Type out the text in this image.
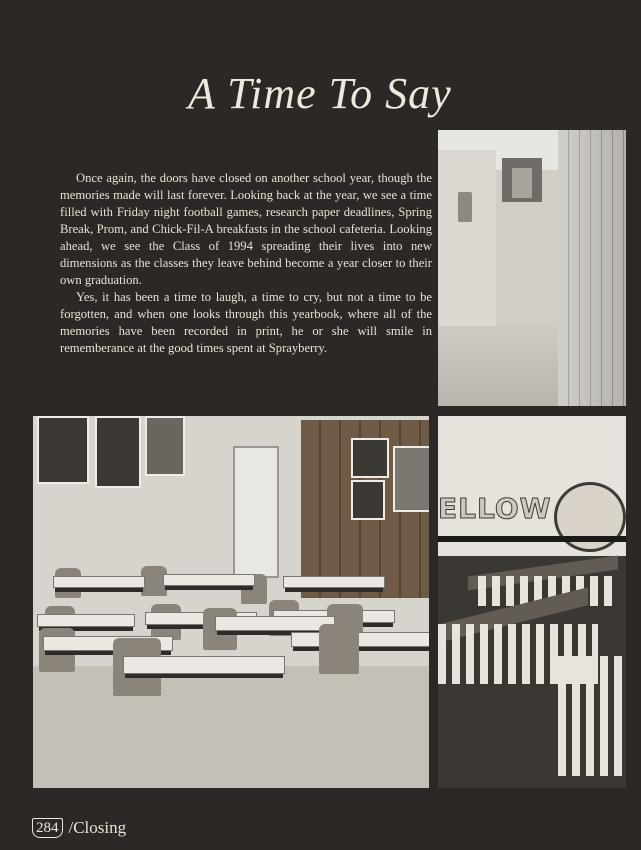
A Time To Say

Once again, the doors have closed on another school year, though the memories made will last forever. Looking back at the year, we see a time filled with Friday night football games, research paper deadlines, Spring Break, Prom, and Chick-Fil-A breakfasts in the school cafeteria. Looking ahead, we see the Class of 1994 spreading their lives into new dimensions as the classes they leave behind become a year closer to their own graduation.

Yes, it has been a time to laugh, a time to cry, but not a time to be forgotten, and when one looks through this yearbook, where all of the memories have been recorded in print, he or she will smile in rememberance at the good times spent at Sprayberry.

ELLOW
284 /Closing
